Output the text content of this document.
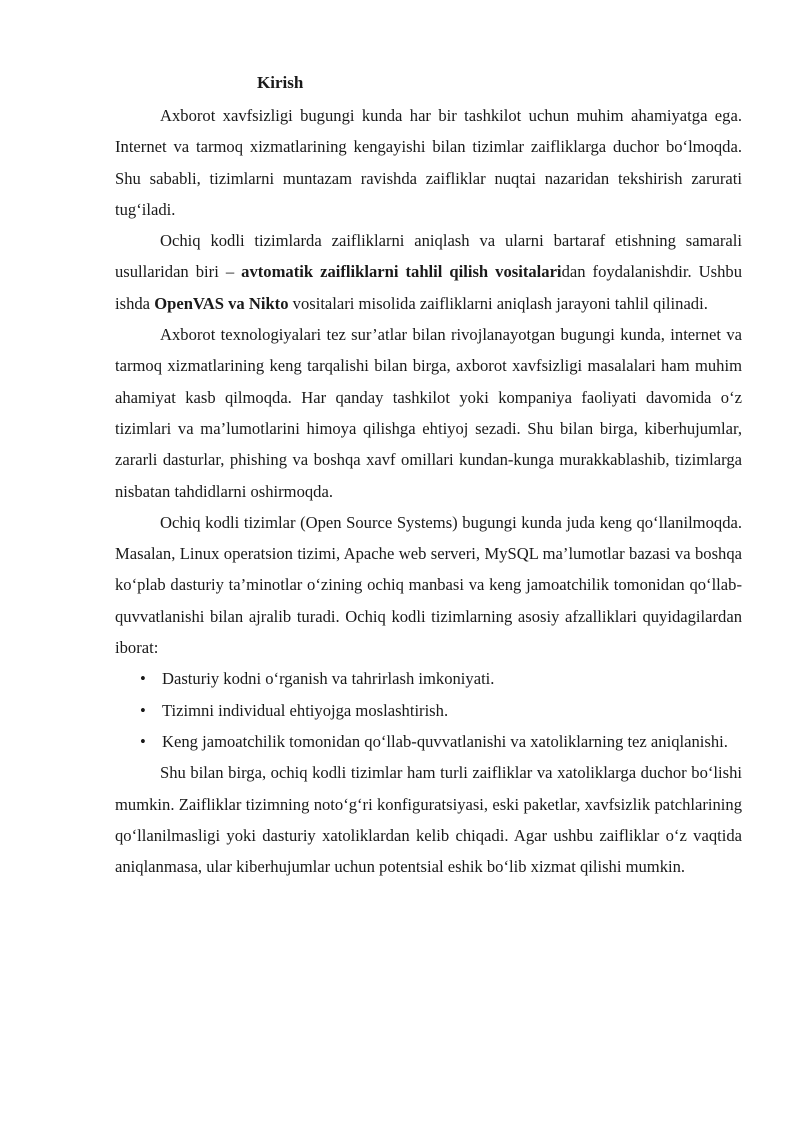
Kirish

Axborot xavfsizligi bugungi kunda har bir tashkilot uchun muhim ahamiyatga ega. Internet va tarmoq xizmatlarining kengayishi bilan tizimlar zaifliklarga duchor bo‘lmoqda. Shu sababli, tizimlarni muntazam ravishda zaifliklar nuqtai nazaridan tekshirish zarurati tug‘iladi.

Ochiq kodli tizimlarda zaifliklarni aniqlash va ularni bartaraf etishning samarali usullaridan biri – avtomatik zaifliklarni tahlil qilish vositalaridan foydalanishdir. Ushbu ishda OpenVAS va Nikto vositalari misolida zaifliklarni aniqlash jarayoni tahlil qilinadi.

Axborot texnologiyalari tez sur’atlar bilan rivojlanayotgan bugungi kunda, internet va tarmoq xizmatlarining keng tarqalishi bilan birga, axborot xavfsizligi masalalari ham muhim ahamiyat kasb qilmoqda. Har qanday tashkilot yoki kompaniya faoliyati davomida o‘z tizimlari va ma’lumotlarini himoya qilishga ehtiyoj sezadi. Shu bilan birga, kiberhujumlar, zararli dasturlar, phishing va boshqa xavf omillari kundan-kunga murakkablashib, tizimlarga nisbatan tahdidlarni oshirmoqda.

Ochiq kodli tizimlar (Open Source Systems) bugungi kunda juda keng qo‘llanilmoqda. Masalan, Linux operatsion tizimi, Apache web serveri, MySQL ma’lumotlar bazasi va boshqa ko‘plab dasturiy ta’minotlar o‘zining ochiq manbasi va keng jamoatchilik tomonidan qo‘llab-quvvatlanishi bilan ajralib turadi. Ochiq kodli tizimlarning asosiy afzalliklari quyidagilardan iborat:

• Dasturiy kodni o‘rganish va tahrirlash imkoniyati.
• Tizimni individual ehtiyojga moslashtirish.
• Keng jamoatchilik tomonidan qo‘llab-quvvatlanishi va xatoliklarning tez aniqlanishi.

Shu bilan birga, ochiq kodli tizimlar ham turli zaifliklar va xatoliklarga duchor bo‘lishi mumkin. Zaifliklar tizimning noto‘g‘ri konfiguratsiyasi, eski paketlar, xavfsizlik patchlarining qo‘llanilmasligi yoki dasturiy xatoliklardan kelib chiqadi. Agar ushbu zaifliklar o‘z vaqtida aniqlanmasa, ular kiberhujumlar uchun potentsial eshik bo‘lib xizmat qilishi mumkin.
